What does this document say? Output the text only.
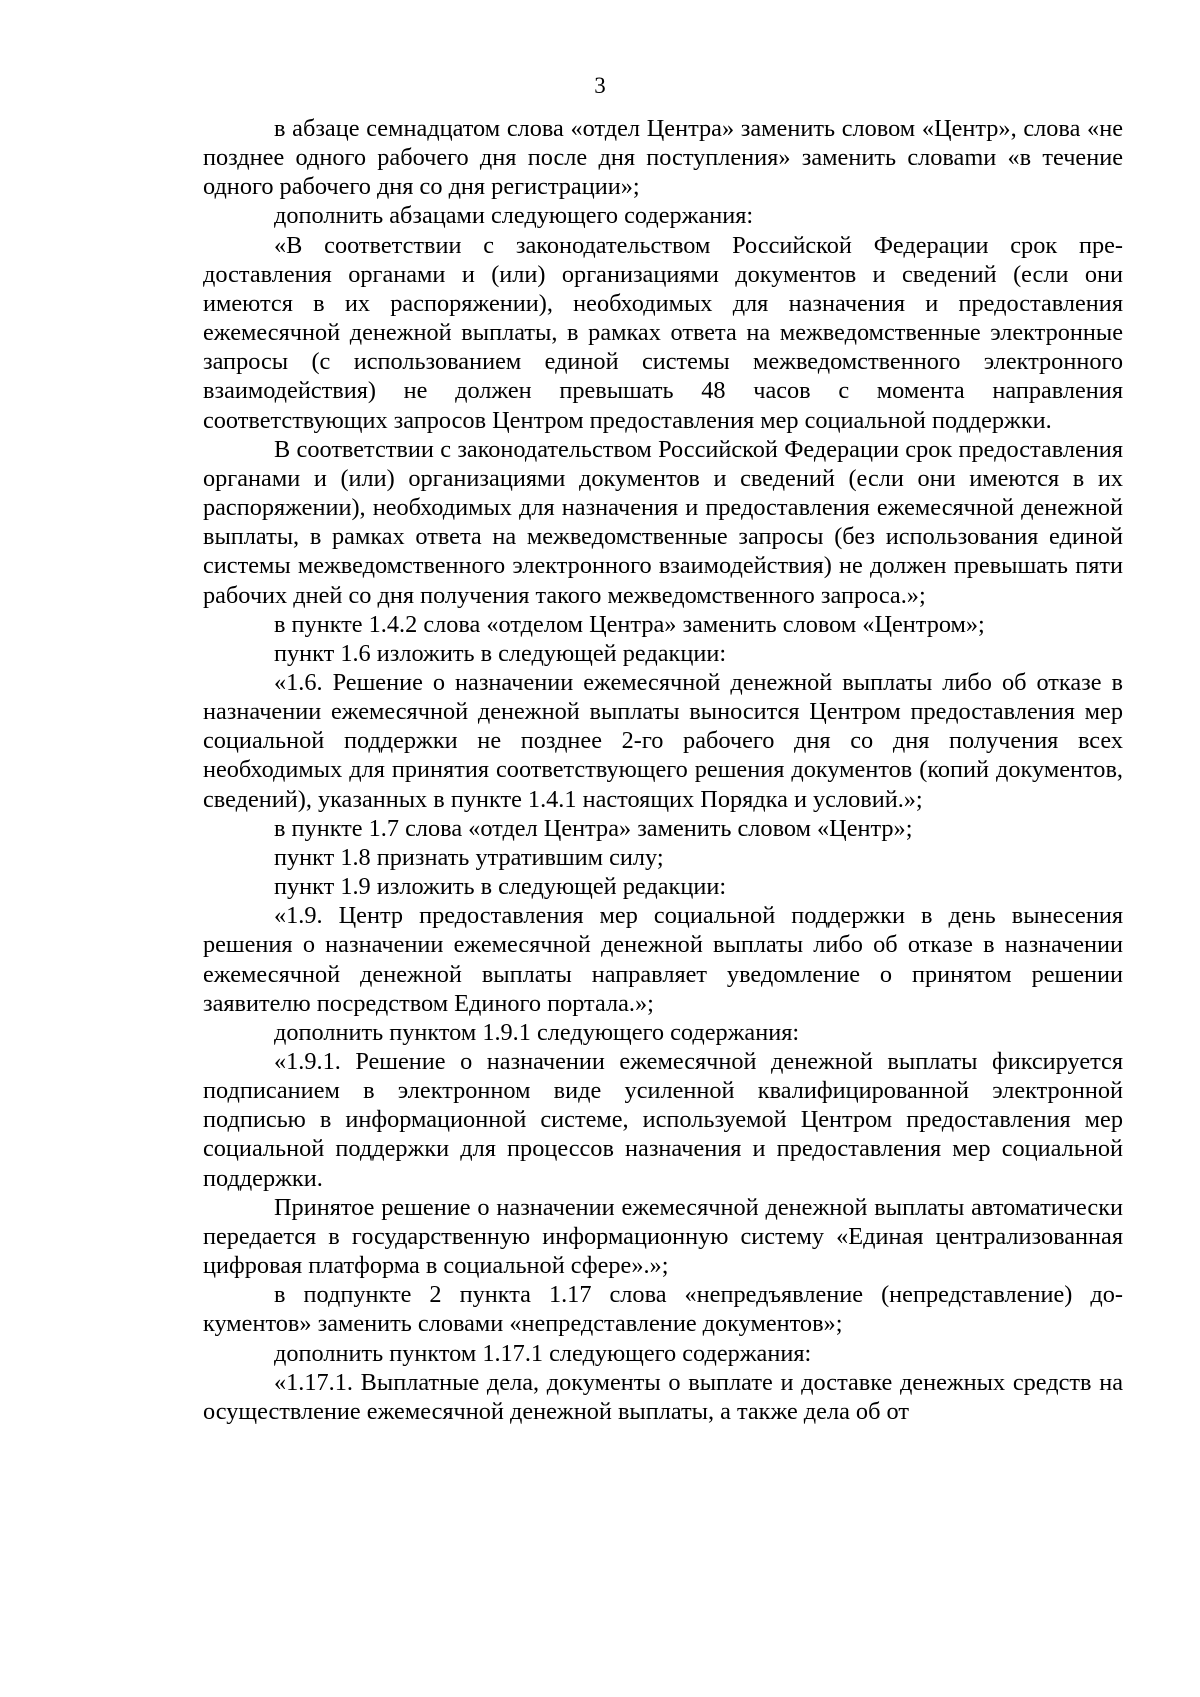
3

в абзаце семнадцатом слова «отдел Центра» заменить словом «Центр», слова «не позднее одного рабочего дня после дня поступления» заменить словаmи «в течение одного рабочего дня со дня регистрации»;

дополнить абзацами следующего содержания:

«В соответствии с законодательством Российской Федерации срок предоставления органами и (или) организациями документов и сведений (если они имеются в их распоряжении), необходимых для назначения и предоставления ежемесячной денежной выплаты, в рамках ответа на межведомственные электронные запросы (с использованием единой системы межведомственного электронного взаимодействия) не должен превышать 48 часов с момента направления соответствующих запросов Центром предоставления мер социальной поддержки.

В соответствии с законодательством Российской Федерации срок предоставления органами и (или) организациями документов и сведений (если они имеются в их распоряжении), необходимых для назначения и предоставления ежемесячной денежной выплаты, в рамках ответа на межведомственные запросы (без использования единой системы межведомственного электронного взаимодействия) не должен превышать пяти рабочих дней со дня получения такого межведомственного запроса.»;

в пункте 1.4.2 слова «отделом Центра» заменить словом «Центром»;

пункт 1.6 изложить в следующей редакции:

«1.6. Решение о назначении ежемесячной денежной выплаты либо об отказе в назначении ежемесячной денежной выплаты выносится Центром предоставления мер социальной поддержки не позднее 2-го рабочего дня со дня получения всех необходимых для принятия соответствующего решения документов (копий документов, сведений), указанных в пункте 1.4.1 настоящих Порядка и условий.»;

в пункте 1.7 слова «отдел Центра» заменить словом «Центр»;

пункт 1.8 признать утратившим силу;

пункт 1.9 изложить в следующей редакции:

«1.9. Центр предоставления мер социальной поддержки в день вынесения решения о назначении ежемесячной денежной выплаты либо об отказе в назначении ежемесячной денежной выплаты направляет уведомление о принятом решении заявителю посредством Единого портала.»;

дополнить пунктом 1.9.1 следующего содержания:

«1.9.1. Решение о назначении ежемесячной денежной выплаты фиксируется подписанием в электронном виде усиленной квалифицированной электронной подписью в информационной системе, используемой Центром предоставления мер социальной поддержки для процессов назначения и предоставления мер социальной поддержки.

Принятое решение о назначении ежемесячной денежной выплаты автоматически передается в государственную информационную систему «Единая централизованная цифровая платформа в социальной сфере».»;

в подпункте 2 пункта 1.17 слова «непредъявление (непредставление) документов» заменить словами «непредставление документов»;

дополнить пунктом 1.17.1 следующего содержания:

«1.17.1. Выплатные дела, документы о выплате и доставке денежных средств на осуществление ежемесячной денежной выплаты, а также дела об от
